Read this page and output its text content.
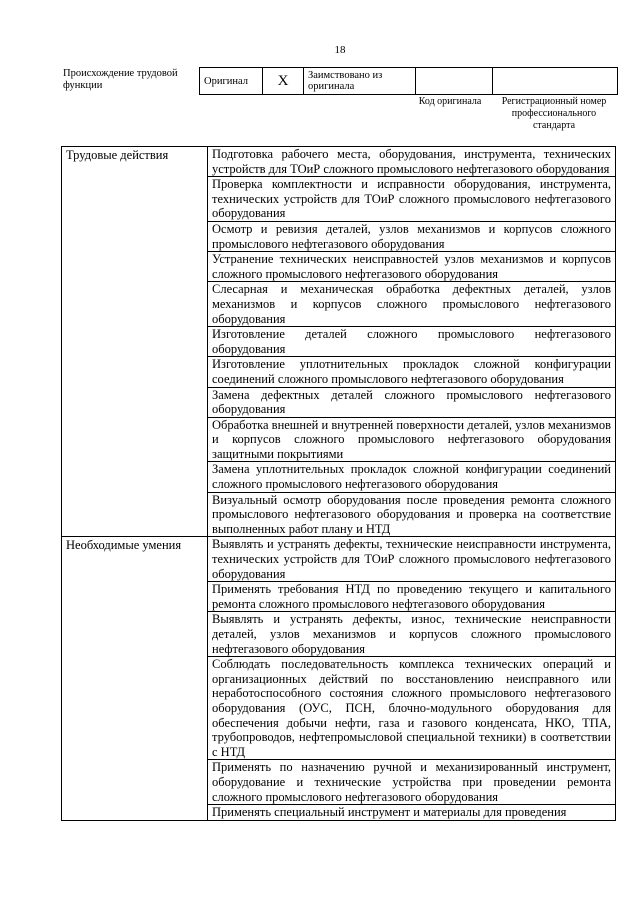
18
Происхождение трудовой функции	Оригинал	X	Заимствовано из оригинала		
Код оригинала	Регистрационный номер профессионального стандарта
Трудовые действия	Подготовка рабочего места, оборудования, инструмента, технических устройств для ТОиР сложного промыслового нефтегазового оборудования
	Проверка комплектности и исправности оборудования, инструмента, технических устройств для ТОиР сложного промыслового нефтегазового оборудования
	Осмотр и ревизия деталей, узлов механизмов и корпусов сложного промыслового нефтегазового оборудования
	Устранение технических неисправностей узлов механизмов и корпусов сложного промыслового нефтегазового оборудования
	Слесарная и механическая обработка дефектных деталей, узлов механизмов и корпусов сложного промыслового нефтегазового оборудования
	Изготовление деталей сложного промыслового нефтегазового оборудования
	Изготовление уплотнительных прокладок сложной конфигурации соединений сложного промыслового нефтегазового оборудования
	Замена дефектных деталей сложного промыслового нефтегазового оборудования
	Обработка внешней и внутренней поверхности деталей, узлов механизмов и корпусов сложного промыслового нефтегазового оборудования защитными покрытиями
	Замена уплотнительных прокладок сложной конфигурации соединений сложного промыслового нефтегазового оборудования
	Визуальный осмотр оборудования после проведения ремонта сложного промыслового нефтегазового оборудования и проверка на соответствие выполненных работ плану и НТД
Необходимые умения	Выявлять и устранять дефекты, технические неисправности инструмента, технических устройств для ТОиР сложного промыслового нефтегазового оборудования
	Применять требования НТД по проведению текущего и капитального ремонта сложного промыслового нефтегазового оборудования
	Выявлять и устранять дефекты, износ, технические неисправности деталей, узлов механизмов и корпусов сложного промыслового нефтегазового оборудования
	Соблюдать последовательность комплекса технических операций и организационных действий по восстановлению неисправного или неработоспособного состояния сложного промыслового нефтегазового оборудования (ОУС, ПСН, блочно-модульного оборудования для обеспечения добычи нефти, газа и газового конденсата, НКО, ТПА, трубопроводов, нефтепромысловой специальной техники) в соответствии с НТД
	Применять по назначению ручной и механизированный инструмент, оборудование и технические устройства при проведении ремонта сложного промыслового нефтегазового оборудования
	Применять специальный инструмент и материалы для проведения
